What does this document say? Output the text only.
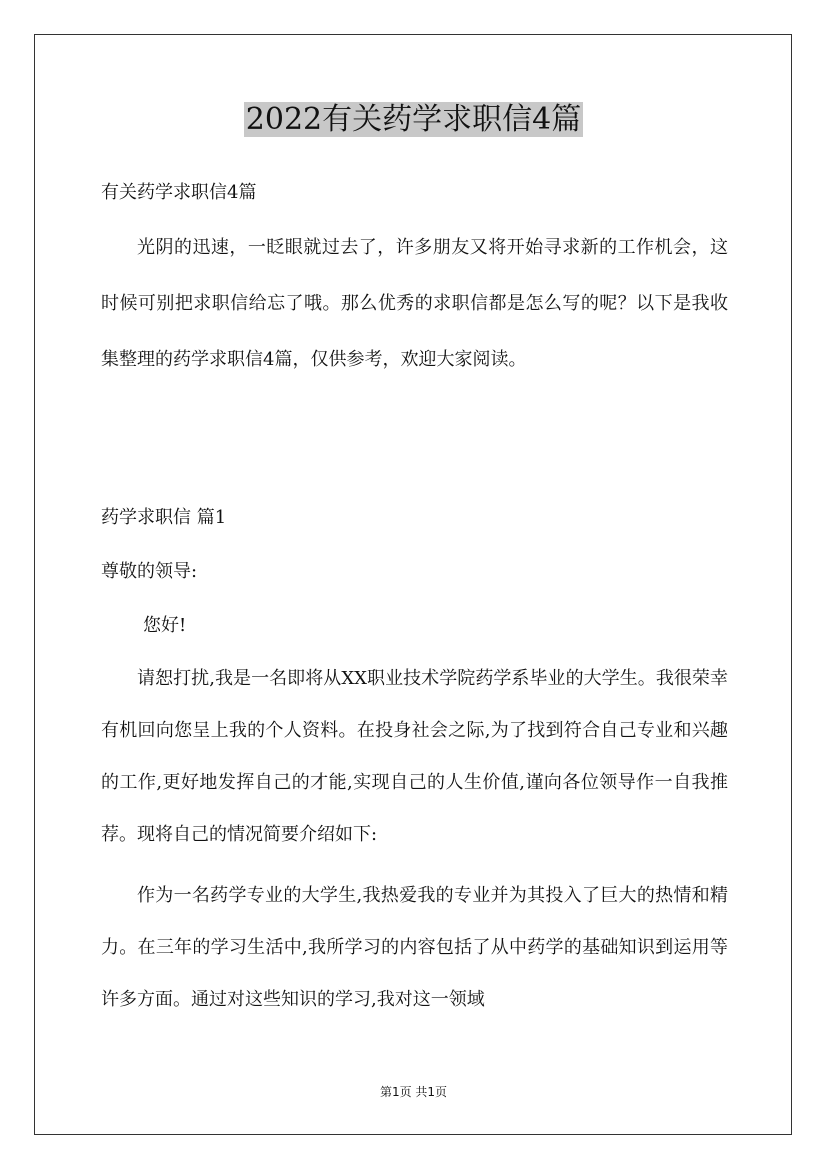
2022有关药学求职信4篇

有关药学求职信4篇

光阴的迅速，一眨眼就过去了，许多朋友又将开始寻求新的工作机会，这时候可别把求职信给忘了哦。那么优秀的求职信都是怎么写的呢？以下是我收集整理的药学求职信4篇，仅供参考，欢迎大家阅读。

药学求职信 篇1

尊敬的领导:

您好!

请恕打扰,我是一名即将从XX职业技术学院药学系毕业的大学生。我很荣幸有机回向您呈上我的个人资料。在投身社会之际,为了找到符合自己专业和兴趣的工作,更好地发挥自己的才能,实现自己的人生价值,谨向各位领导作一自我推荐。现将自己的情况简要介绍如下:

作为一名药学专业的大学生,我热爱我的专业并为其投入了巨大的热情和精力。在三年的学习生活中,我所学习的内容包括了从中药学的基础知识到运用等许多方面。通过对这些知识的学习,我对这一领域

第1页 共1页
